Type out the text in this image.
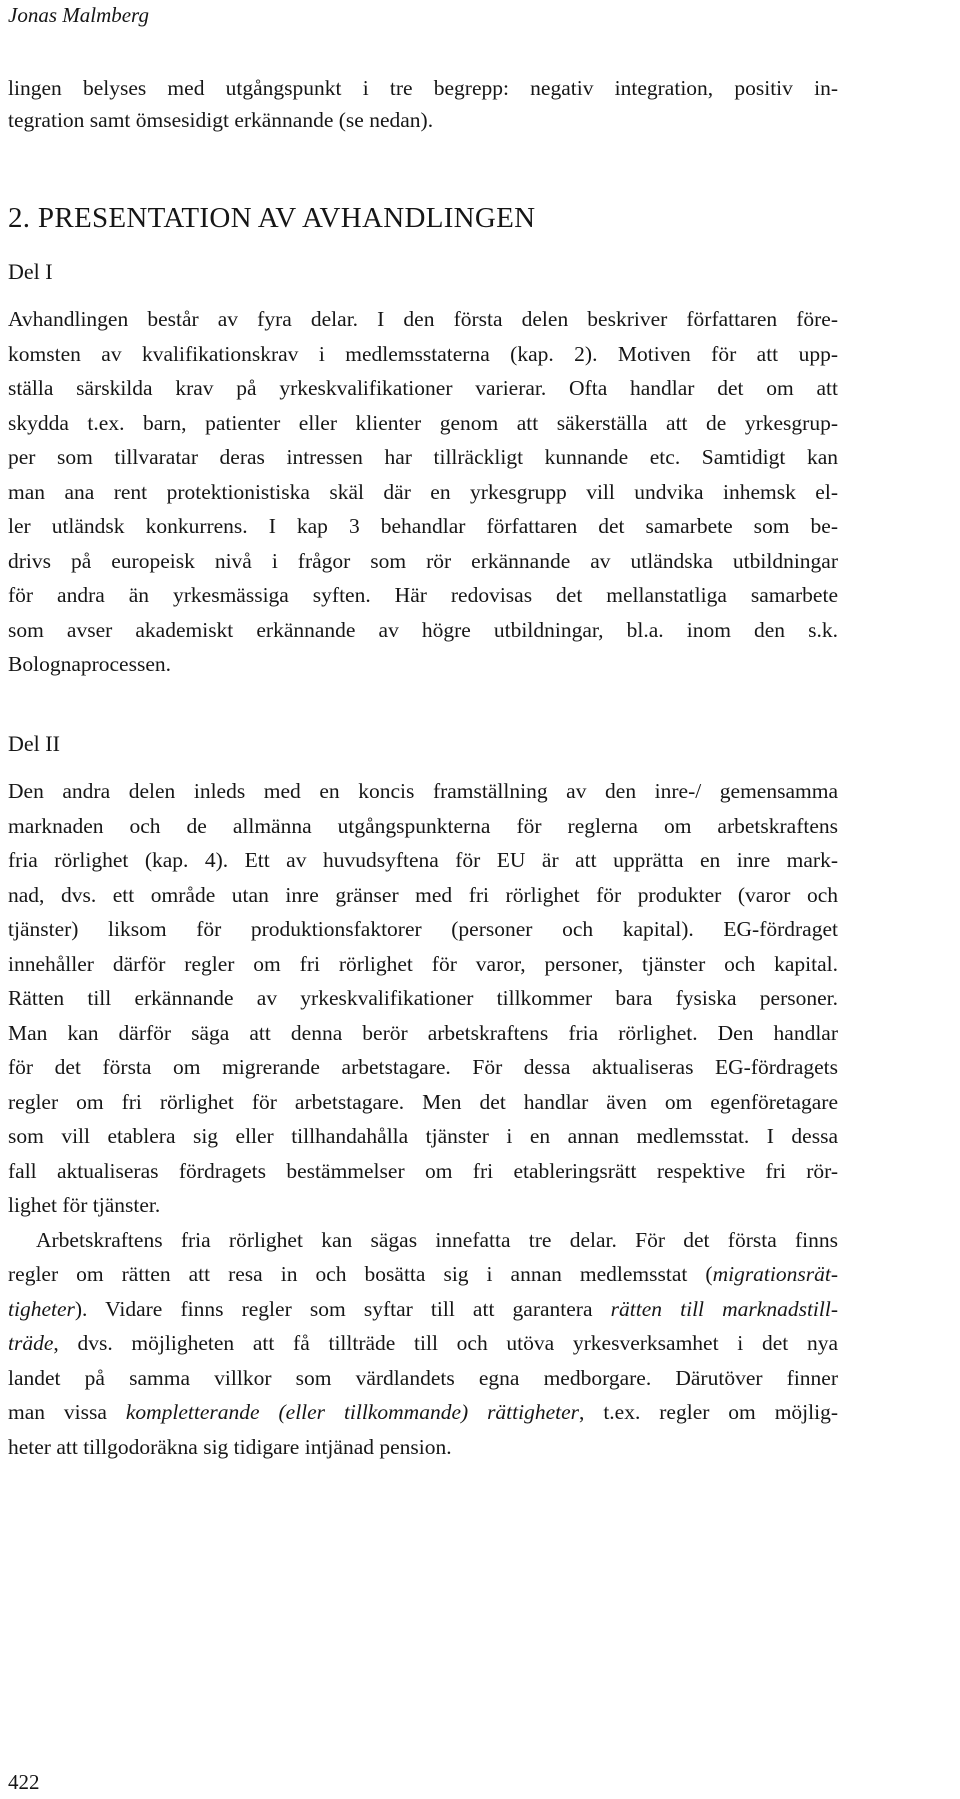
Jonas Malmberg
lingen belyses med utgångspunkt i tre begrepp: negativ integration, positiv in-
tegration samt ömsesidigt erkännande (se nedan).
2. PRESENTATION AV AVHANDLINGEN
Del I
Avhandlingen består av fyra delar. I den första delen beskriver författaren före-
komsten av kvalifikationskrav i medlemsstaterna (kap. 2). Motiven för att upp-
ställa särskilda krav på yrkeskvalifikationer varierar. Ofta handlar det om att
skydda t.ex. barn, patienter eller klienter genom att säkerställa att de yrkesgrup-
per som tillvaratar deras intressen har tillräckligt kunnande etc. Samtidigt kan
man ana rent protektionistiska skäl där en yrkesgrupp vill undvika inhemsk el-
ler utländsk konkurrens. I kap 3 behandlar författaren det samarbete som be-
drivs på europeisk nivå i frågor som rör erkännande av utländska utbildningar
för andra än yrkesmässiga syften. Här redovisas det mellanstatliga samarbete
som avser akademiskt erkännande av högre utbildningar, bl.a. inom den s.k.
Bolognaprocessen.
Del II
Den andra delen inleds med en koncis framställning av den inre-/ gemensamma
marknaden och de allmänna utgångspunkterna för reglerna om arbetskraftens
fria rörlighet (kap. 4). Ett av huvudsyftena för EU är att upprätta en inre mark-
nad, dvs. ett område utan inre gränser med fri rörlighet för produkter (varor och
tjänster) liksom för produktionsfaktorer (personer och kapital). EG-fördraget
innehåller därför regler om fri rörlighet för varor, personer, tjänster och kapital.
Rätten till erkännande av yrkeskvalifikationer tillkommer bara fysiska personer.
Man kan därför säga att denna berör arbetskraftens fria rörlighet. Den handlar
för det första om migrerande arbetstagare. För dessa aktualiseras EG-fördragets
regler om fri rörlighet för arbetstagare. Men det handlar även om egenföretagare
som vill etablera sig eller tillhandahålla tjänster i en annan medlemsstat. I dessa
fall aktualiseras fördragets bestämmelser om fri etableringsrätt respektive fri rör-
lighet för tjänster.
Arbetskraftens fria rörlighet kan sägas innefatta tre delar. För det första finns
regler om rätten att resa in och bosätta sig i annan medlemsstat (migrationsrät-
tigheter). Vidare finns regler som syftar till att garantera rätten till marknadstill-
träde, dvs. möjligheten att få tillträde till och utöva yrkesverksamhet i det nya
landet på samma villkor som värdlandets egna medborgare. Därutöver finner
man vissa kompletterande (eller tillkommande) rättigheter, t.ex. regler om möjlig-
heter att tillgodoräkna sig tidigare intjänad pension.
422
